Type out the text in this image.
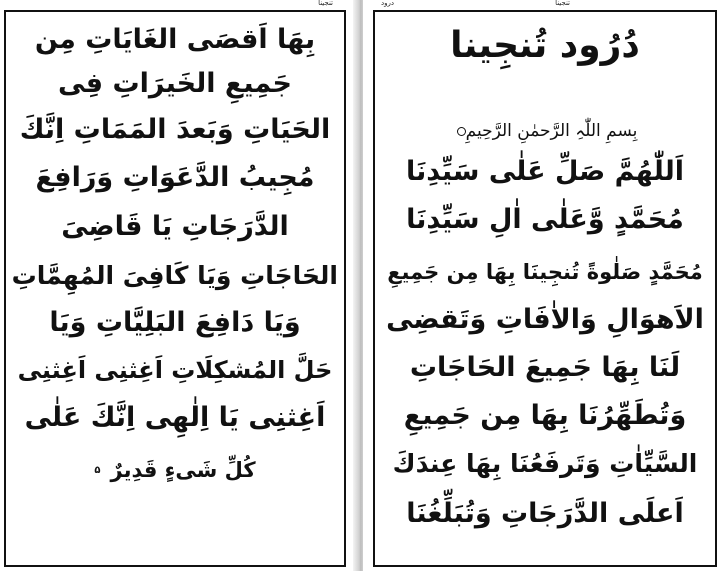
تنجینا
بِهَا اَقصَی الغَایَاتِ مِن
جَمِیعِ الخَیرَاتِ فِی
الحَیَاتِ وَبَعدَ المَمَاتِ اِنَّكَ
مُجِیبُ الدَّعَوَاتِ وَرَافِعَ
الدَّرَجَاتِ یَا قَاضِیَ
الحَاجَاتِ وَیَا كَافِیَ المُهِمَّاتِ
وَیَا دَافِعَ البَلِیَّاتِ وَیَا
حَلَّ المُشكِلَاتِ اَغِثنِی اَغِثنِی
اَغِثنِی یَا اِلٰهِی اِنَّكَ عَلٰی
كُلِّ شَیءٍ قَدِیرٌ۵
درود	تنجینا
دُرُود تُنجِینا
بِسمِ اللّٰہِ الرَّحمٰنِ الرَّحِیمِ
اَللّٰھُمَّ صَلِّ عَلٰی سَیِّدِنَا
مُحَمَّدٍ وَّعَلٰی اٰلِ سَیِّدِنَا
مُحَمَّدٍ صَلٰوةً تُنجِینَا بِهَا مِن جَمِیعِ
الاَهوَالِ وَالاٰفَاتِ وَتَقضِی
لَنَا بِهَا جَمِیعَ الحَاجَاتِ
وَتُطَهِّرُنَا بِهَا مِن جَمِیعِ
السَّیِّاٰتِ وَتَرفَعُنَا بِهَا عِندَكَ
اَعلَی الدَّرَجَاتِ وَتُبَلِّغُنَا
